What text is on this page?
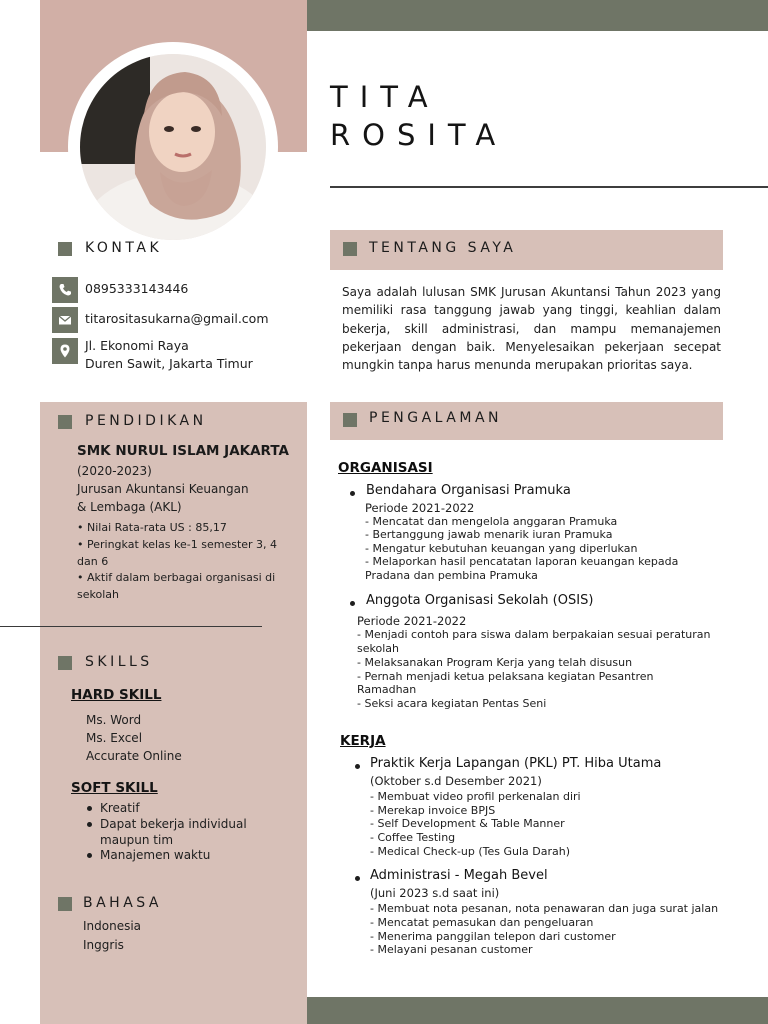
TITA
ROSITA
KONTAK
0895333143446
titarositasukarna@gmail.com
Jl. Ekonomi Raya
Duren Sawit, Jakarta Timur
TENTANG SAYA
Saya adalah lulusan SMK Jurusan Akuntansi Tahun 2023 yang memiliki rasa tanggung jawab yang tinggi, keahlian dalam bekerja, skill administrasi, dan mampu memanajemen pekerjaan dengan baik. Menyelesaikan pekerjaan secepat mungkin tanpa harus menunda merupakan prioritas saya.
PENDIDIKAN
SMK NURUL ISLAM JAKARTA
(2020-2023)
Jurusan Akuntansi Keuangan
& Lembaga (AKL)
• Nilai Rata-rata US : 85,17
• Peringkat kelas ke-1 semester 3, 4 dan 6
• Aktif dalam berbagai organisasi di sekolah
SKILLS
HARD SKILL
Ms. Word
Ms. Excel
Accurate Online
SOFT SKILL
Kreatif
Dapat bekerja individual maupun tim
Manajemen waktu
BAHASA
Indonesia
Inggris
PENGALAMAN
ORGANISASI
Bendahara Organisasi Pramuka
Periode 2021-2022
- Mencatat dan mengelola anggaran Pramuka
- Bertanggung jawab menarik iuran Pramuka
- Mengatur kebutuhan keuangan yang diperlukan
- Melaporkan hasil pencatatan laporan keuangan kepada
Pradana dan pembina Pramuka
Anggota Organisasi Sekolah (OSIS)
Periode 2021-2022
- Menjadi contoh para siswa dalam berpakaian sesuai peraturan
sekolah
- Melaksanakan Program Kerja yang telah disusun
- Pernah menjadi ketua pelaksana kegiatan Pesantren
Ramadhan
- Seksi acara kegiatan Pentas Seni
KERJA
Praktik Kerja Lapangan (PKL) PT. Hiba Utama
(Oktober s.d Desember 2021)
- Membuat video profil perkenalan diri
- Merekap invoice BPJS
- Self Development & Table Manner
- Coffee Testing
- Medical Check-up (Tes Gula Darah)
Administrasi - Megah Bevel
(Juni 2023 s.d saat ini)
- Membuat nota pesanan, nota penawaran dan juga surat jalan
- Mencatat pemasukan dan pengeluaran
- Menerima panggilan telepon dari customer
- Melayani pesanan customer
